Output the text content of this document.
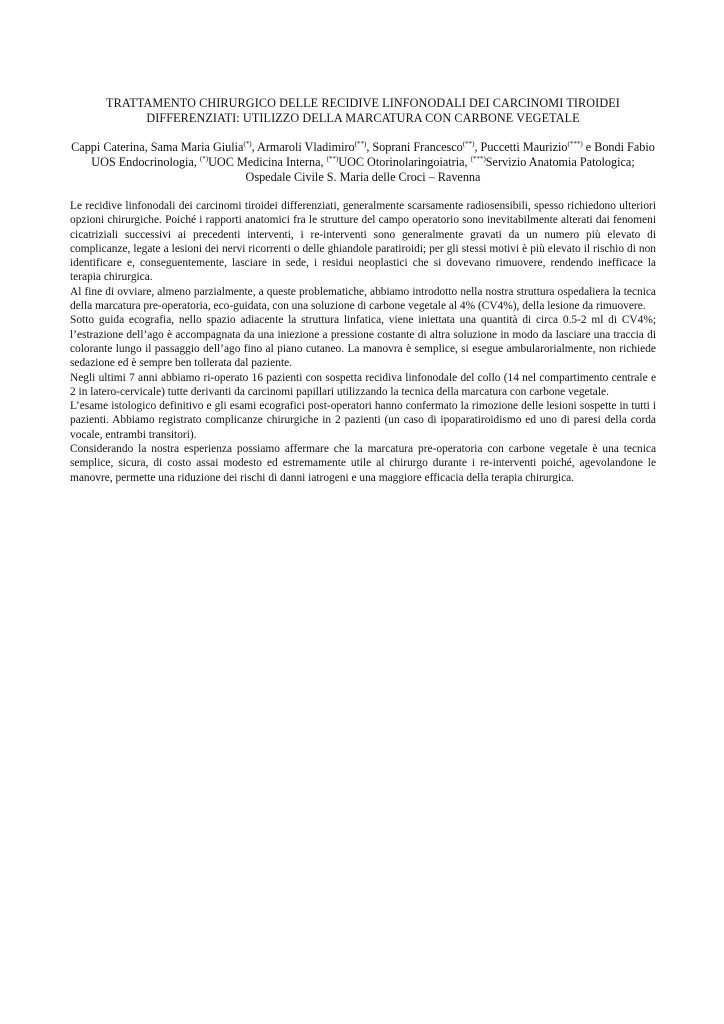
TRATTAMENTO CHIRURGICO DELLE RECIDIVE LINFONODALI DEI CARCINOMI TIROIDEI
DIFFERENZIATI: UTILIZZO DELLA MARCATURA CON CARBONE VEGETALE
Cappi Caterina, Sama Maria Giulia(*), Armaroli Vladimiro(**), Soprani Francesco(**), Puccetti Maurizio(***) e Bondi Fabio
UOS Endocrinologia, (*)UOC Medicina Interna, (**)UOC Otorinolaringoiatria, (***)Servizio Anatomia Patologica;
Ospedale Civile S. Maria delle Croci – Ravenna

Le recidive linfonodali dei carcinomi tiroidei differenziati, generalmente scarsamente radiosensibili, spesso richiedono ulteriori opzioni chirurgiche. Poiché i rapporti anatomici fra le strutture del campo operatorio sono inevitabilmente alterati dai fenomeni cicatriziali successivi ai precedenti interventi, i re-interventi sono generalmente gravati da un numero più elevato di complicanze, legate a lesioni dei nervi ricorrenti o delle ghiandole paratiroidi; per gli stessi motivi è più elevato il rischio di non identificare e, conseguentemente, lasciare in sede, i residui neoplastici che si dovevano rimuovere, rendendo inefficace la terapia chirurgica.

Al fine di ovviare, almeno parzialmente, a queste problematiche, abbiamo introdotto nella nostra struttura ospedaliera la tecnica della marcatura pre-operatoria, eco-guidata, con una soluzione di carbone vegetale al 4% (CV4%), della lesione da rimuovere.

Sotto guida ecografia, nello spazio adiacente la struttura linfatica, viene iniettata una quantità di circa 0.5-2 ml di CV4%; l’estrazione dell’ago è accompagnata da una iniezione a pressione costante di altra soluzione in modo da lasciare una traccia di colorante lungo il passaggio dell’ago fino al piano cutaneo. La manovra è semplice, si esegue ambularorialmente, non richiede sedazione ed è sempre ben tollerata dal paziente.

Negli ultimi 7 anni abbiamo ri-operato 16 pazienti con sospetta recidiva linfonodale del collo (14 nel compartimento centrale e 2 in latero-cervicale) tutte derivanti da carcinomi papillari utilizzando la tecnica della marcatura con carbone vegetale.

L’esame istologico definitivo e gli esami ecografici post-operatori hanno confermato la rimozione delle lesioni sospette in tutti i pazienti. Abbiamo registrato complicanze chirurgiche in 2 pazienti (un caso di ipoparatiroidismo ed uno di paresi della corda vocale, entrambi transitori).

Considerando la nostra esperienza possiamo affermare che la marcatura pre-operatoria con carbone vegetale è una tecnica semplice, sicura, di costo assai modesto ed estremamente utile al chirurgo durante i re-interventi poiché, agevolandone le manovre, permette una riduzione dei rischi di danni iatrogeni e una maggiore efficacia della terapia chirurgica.
